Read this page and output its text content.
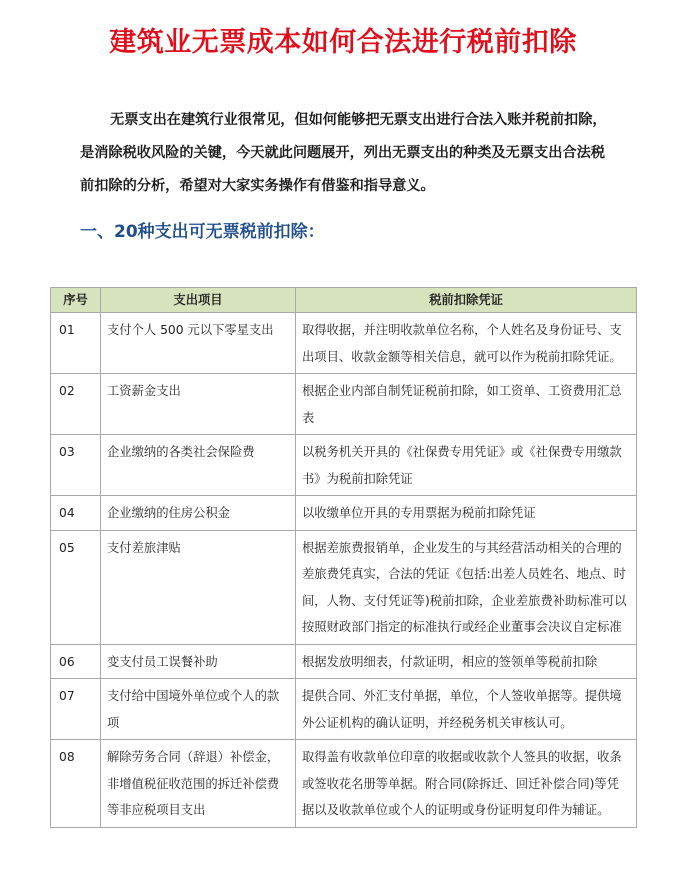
建筑业无票成本如何合法进行税前扣除

无票支出在建筑行业很常见，但如何能够把无票支出进行合法入账并税前扣除，是消除税收风险的关键，今天就此问题展开，列出无票支出的种类及无票支出合法税前扣除的分析，希望对大家实务操作有借鉴和指导意义。

一、20种支出可无票税前扣除：
序号	支出项目	税前扣除凭证
01	支付个人 500 元以下零星支出	取得收据，并注明收款单位名称，个人姓名及身份证号、支出项目、收款金额等相关信息，就可以作为税前扣除凭证。
02	工资薪金支出	根据企业内部自制凭证税前扣除，如工资单、工资费用汇总表
03	企业缴纳的各类社会保险费	以税务机关开具的《社保费专用凭证》或《社保费专用缴款书》为税前扣除凭证
04	企业缴纳的住房公积金	以收缴单位开具的专用票据为税前扣除凭证
05	支付差旅津贴	根据差旅费报销单，企业发生的与其经营活动相关的合理的差旅费凭真实，合法的凭证《包括:出差人员姓名、地点、时间，人物、支付凭证等)税前扣除，企业差旅费补助标准可以按照财政部门指定的标准执行或经企业董事会决议自定标准
06	变支付员工误餐补助	根据发放明细表，付款证明，相应的签领单等税前扣除
07	支付给中国境外单位或个人的款项	提供合同、外汇支付单据，单位，个人签收单据等。提供境外公证机构的确认证明，并经税务机关审核认可。
08	解除劳务合同（辞退）补偿金，非增值税征收范围的拆迁补偿费等非应税项目支出	取得盖有收款单位印章的收据或收款个人签具的收据，收条或签收花名册等单据。附合同(除拆迁、回迁补偿合同)等凭据以及收款单位或个人的证明或身份证明复印件为辅证。
